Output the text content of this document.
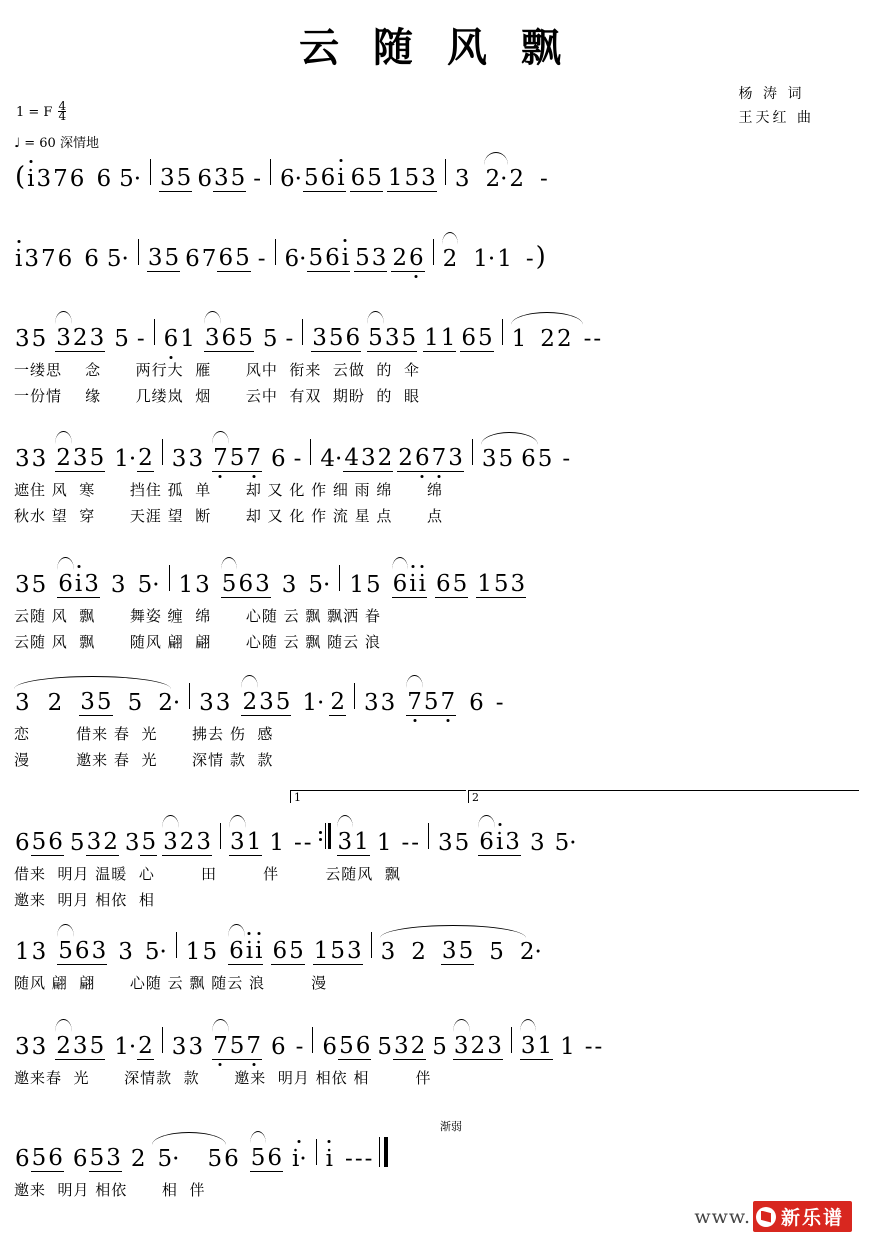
云 随 风 飘
杨 涛 词
王天红 曲
1 = F $\frac{4}{4}$
♩ = 60 深情地
( i 3 7 6 6 5· 3 5 6 3 5 - 6· 5 6 i 6 5 1 5 3 3 2· 2 -
i 3 7 6 6 5· 3 5 6 7 6 5 - 6· 5 6 i 5 3 2 6 2 1· 1 - )
3 5 3 2 3 5 - 6 1 3 6 5 5 - 3 5 6 5 3 5 1 1 6 5 1 2 2 - -
一缕思    念      两行大  雁      风中  衔来  云做  的  伞
一份情    缘      几缕岚  烟      云中  有双  期盼  的  眼
3 3 2 3 5 1· 2 3 3 7 5 7 6 - 4· 4 3 2 2 6 7 3 3 5 6 5 -
遮住 风  寒      挡住 孤  单      却 又 化 作 细 雨 绵      绵
秋水 望  穿      天涯 望  断      却 又 化 作 流 星 点      点
3 5 6 i 3 3 5· 1 3 5 6 3 3 5· 1 5 6 i i 6 5 1 5 3
云随 风  飘      舞姿 缠  绵      心随 云 飘 飘洒 眷
云随 风  飘      随风 翩  翩      心随 云 飘 随云 浪
3 2 3 5 5 2· 3 3 2 3 5 1· 2 3 3 7 5 7 6 -
恋        借来 春  光      拂去 伤  感
漫        邀来 春  光      深情 款  款
1	2
6 5 6 5 3 2 3 5 3 2 3 3 1 1 - - 3 1 1 - - 3 5 6 i 3 3 5·
借来  明月 温暖  心        田        伴        云随风  飘
邀来  明月 相依  相
1 3 5 6 3 3 5· 1 5 6 i i 6 5 1 5 3 3 2 3 5 5 2·
随风 翩  翩      心随 云 飘 随云 浪        漫
3 3 2 3 5 1· 2 3 3 7 5 7 6 - 6 5 6 5 3 2 5 3 2 3 3 1 1 - -
邀来春  光      深情款  款      邀来  明月 相依 相        伴
渐弱
6 5 6 6 5 3 2 5· 5 6 5 6 i· i - - -
邀来  明月 相依      相  伴
www. 新乐谱
